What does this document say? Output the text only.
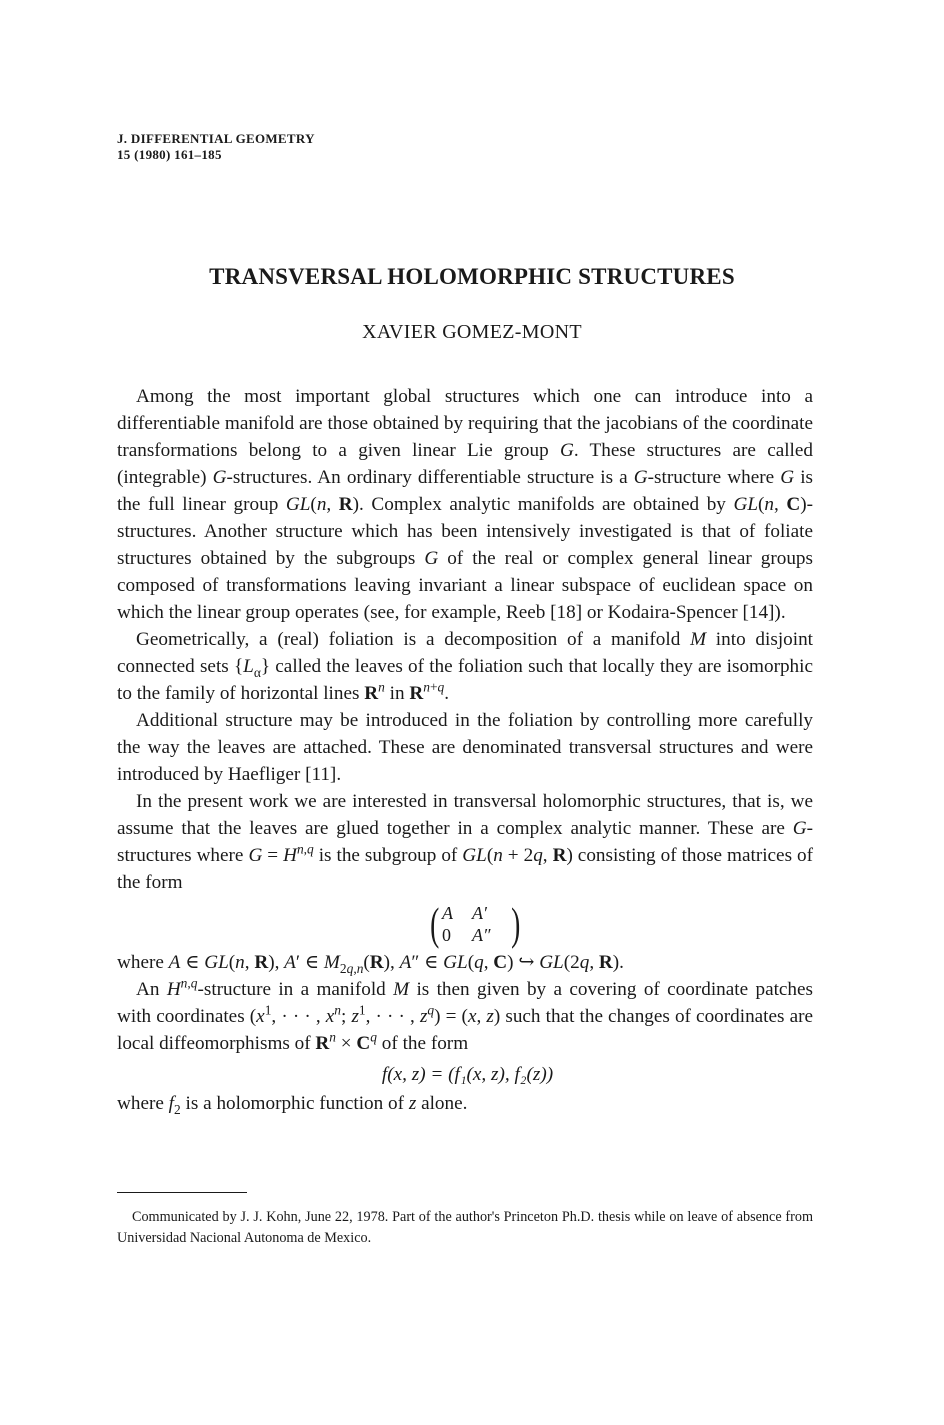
J. DIFFERENTIAL GEOMETRY
15 (1980) 161–185
TRANSVERSAL HOLOMORPHIC STRUCTURES
XAVIER GOMEZ-MONT

Among the most important global structures which one can introduce into a differentiable manifold are those obtained by requiring that the jacobians of the coordinate transformations belong to a given linear Lie group G. These structures are called (integrable) G-structures. An ordinary differentiable structure is a G-structure where G is the full linear group GL(n, R). Complex analytic manifolds are obtained by GL(n, C)-structures. Another structure which has been intensively investigated is that of foliate structures obtained by the subgroups G of the real or complex general linear groups composed of transformations leaving invariant a linear subspace of euclidean space on which the linear group operates (see, for example, Reeb [18] or Kodaira-Spencer [14]).

Geometrically, a (real) foliation is a decomposition of a manifold M into disjoint connected sets $\{L_\alpha\}$ called the leaves of the foliation such that locally they are isomorphic to the family of horizontal lines $R^n$ in $R^{n+q}$.

Additional structure may be introduced in the foliation by controlling more carefully the way the leaves are attached. These are denominated transversal structures and were introduced by Haefliger [11].

In the present work we are interested in transversal holomorphic structures, that is, we assume that the leaves are glued together in a complex analytic manner. These are G-structures where G = H$^{n,q}$ is the subgroup of GL(n + 2q, R) consisting of those matrices of the form

( A	A′
0	A″ )

where A ∈ GL(n, R), A′ ∈ $M_{2q,n}(R)$, A″ ∈ GL(q, C) ↪ GL(2q, R).

An H$^{n,q}$-structure in a manifold M is then given by a covering of coordinate patches with coordinates ($x^1$, · · · , $x^n$; $z^1$, · · · , $z^q) = (x$, z) such that the changes of coordinates are local diffeomorphisms of $R^n \times C^q$ of the form

f(x, z) = (f₁(x, z), f₂(z))

where $f_2$ is a holomorphic function of z alone.

Communicated by J. J. Kohn, June 22, 1978. Part of the author's Princeton Ph.D. thesis while on leave of absence from Universidad Nacional Autonoma de Mexico.
